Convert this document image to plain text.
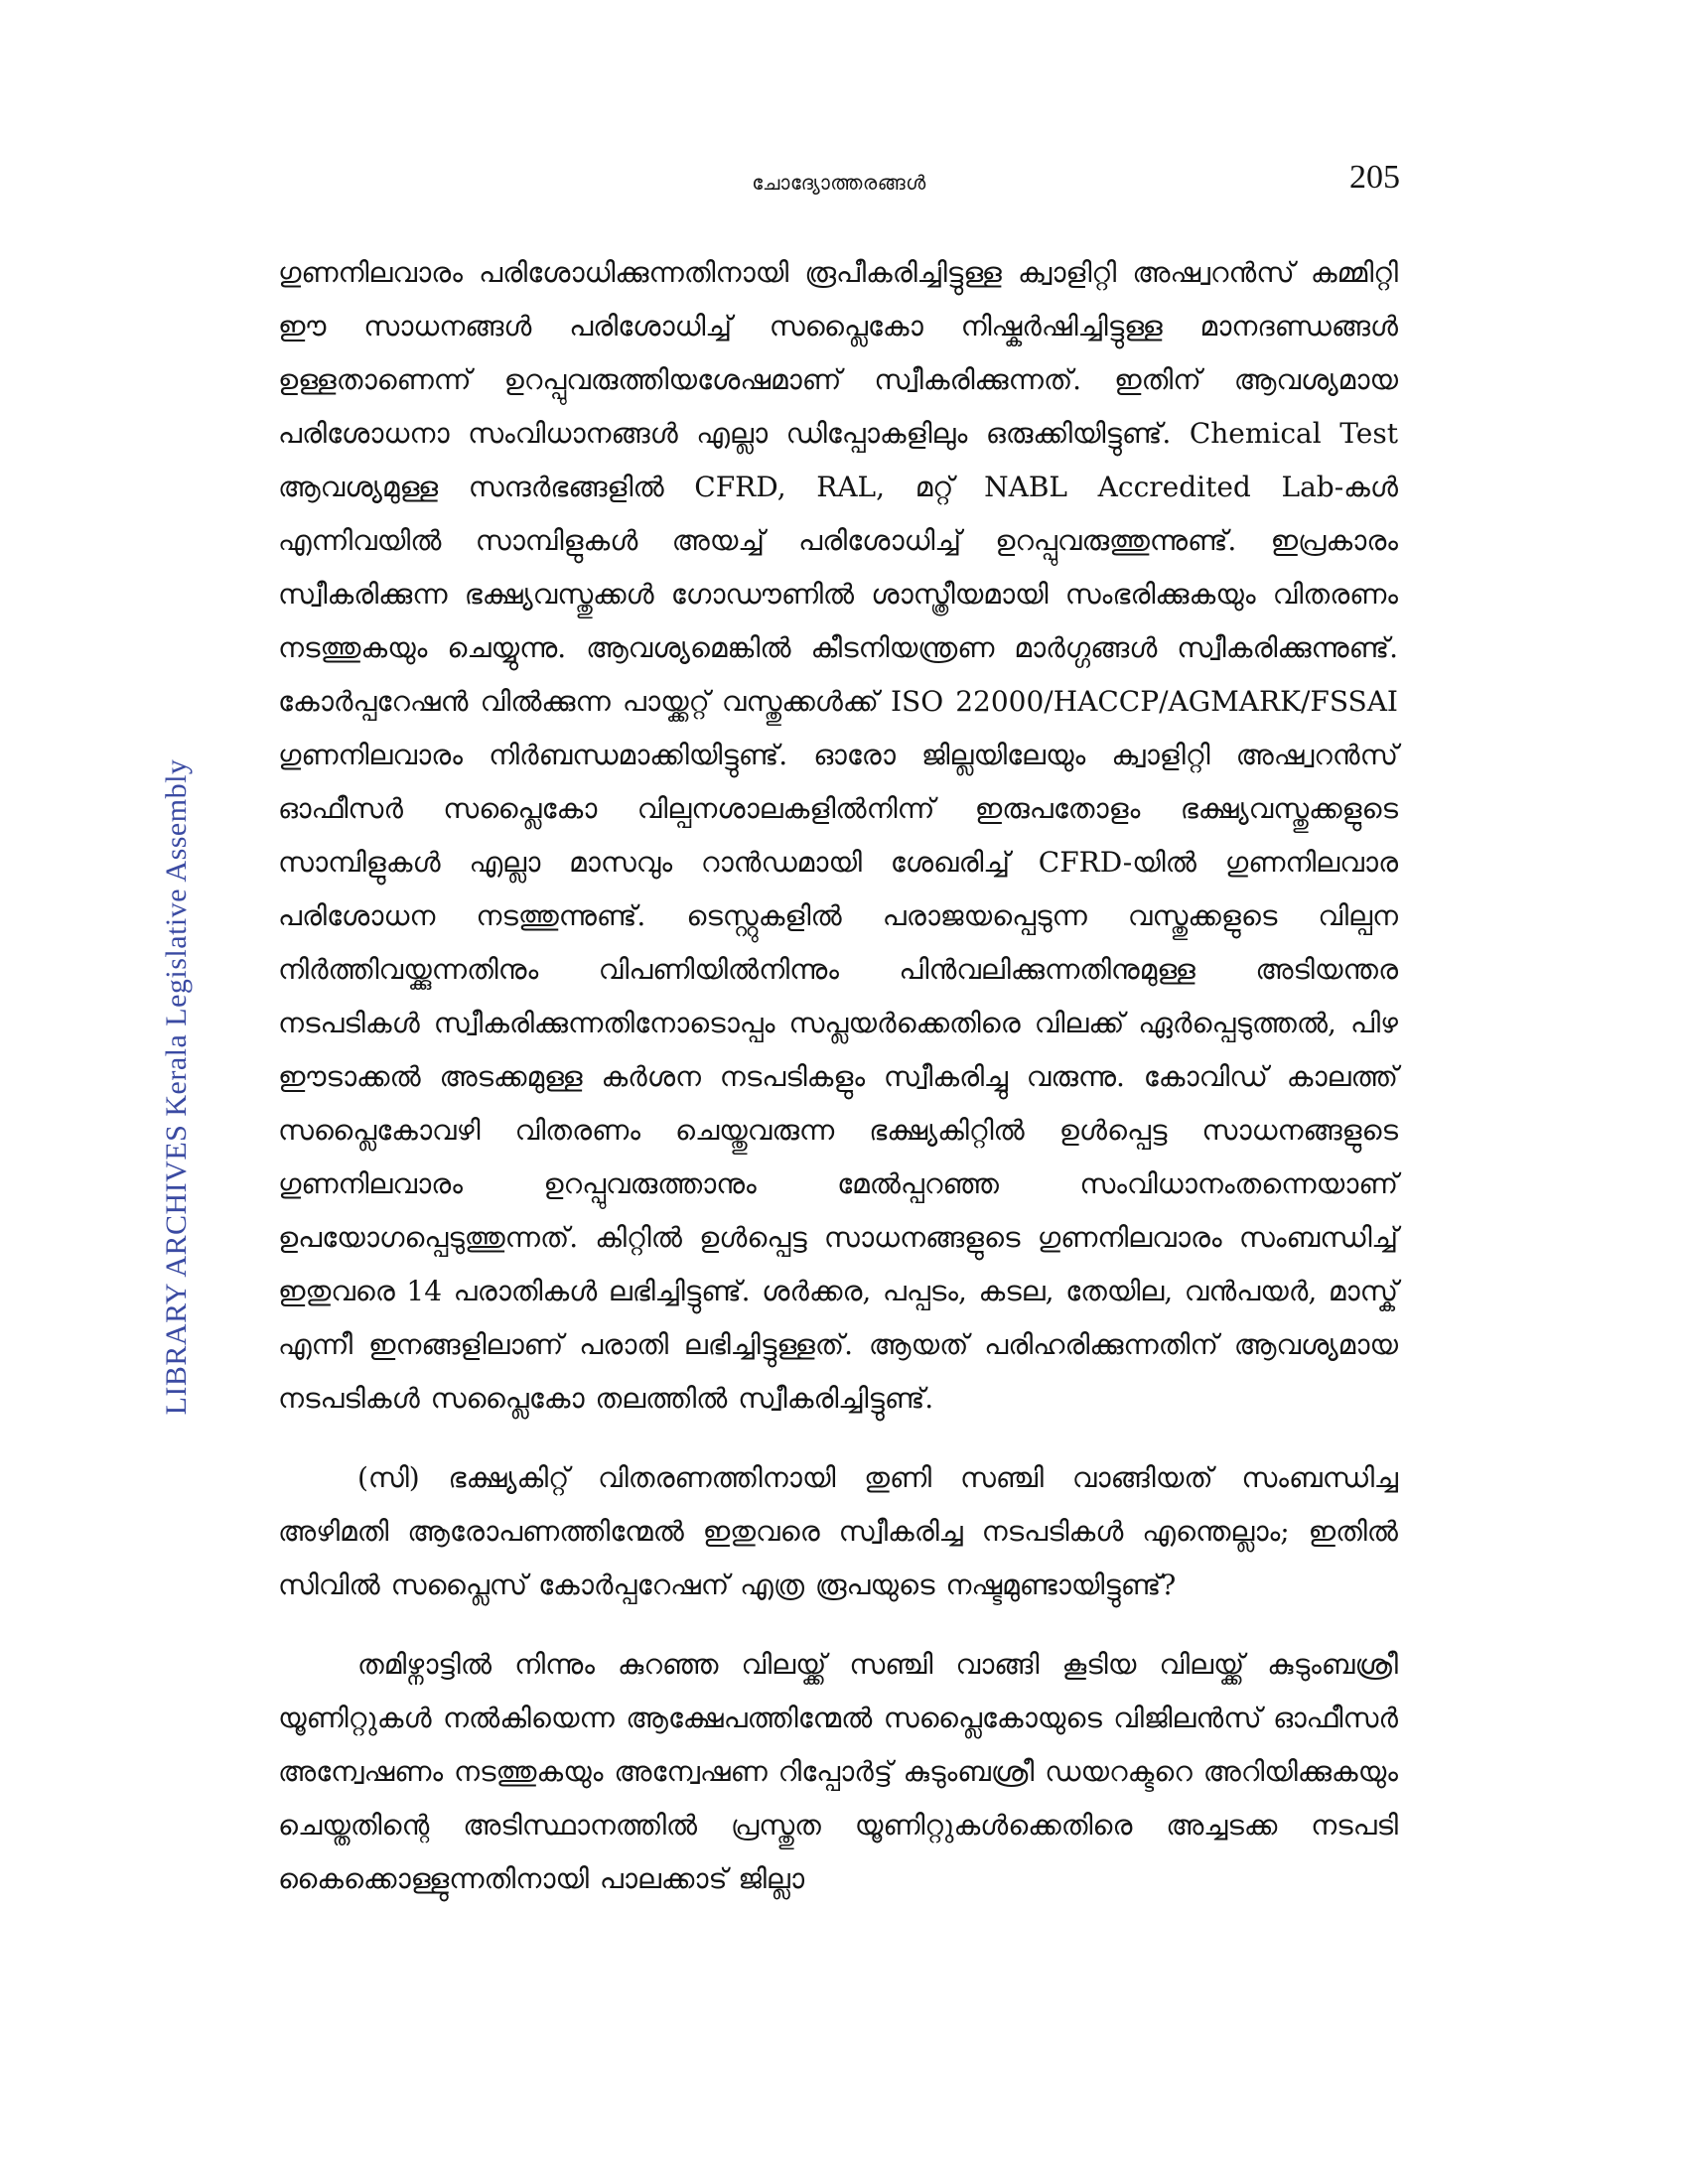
ചോദ്യോത്തരങ്ങൾ	205
LIBRARY ARCHIVES Kerala Legislative Assembly

ഗുണനിലവാരം പരിശോധിക്കുന്നതിനായി രൂപീകരിച്ചിട്ടുള്ള ക്വാളിറ്റി അഷ്വറൻസ് കമ്മിറ്റി ഈ സാധനങ്ങൾ പരിശോധിച്ച് സപ്ലൈകോ നിഷ്കർഷിച്ചിട്ടുള്ള മാനദണ്ഡങ്ങൾ ഉള്ളതാണെന്ന് ഉറപ്പുവരുത്തിയശേഷമാണ് സ്വീകരിക്കുന്നത്. ഇതിന് ആവശ്യമായ പരിശോധനാ സംവിധാനങ്ങൾ എല്ലാ ഡിപ്പോകളിലും ഒരുക്കിയിട്ടുണ്ട്. Chemical Test ആവശ്യമുള്ള സന്ദർഭങ്ങളിൽ CFRD, RAL, മറ്റ് NABL Accredited Lab-കൾ എന്നിവയിൽ സാമ്പിളുകൾ അയച്ച് പരിശോധിച്ച് ഉറപ്പുവരുത്തുന്നുണ്ട്. ഇപ്രകാരം സ്വീകരിക്കുന്ന ഭക്ഷ്യവസ്തുക്കൾ ഗോഡൗണിൽ ശാസ്ത്രീയമായി സംഭരിക്കുകയും വിതരണം നടത്തുകയും ചെയ്യുന്നു. ആവശ്യമെങ്കിൽ കീടനിയന്ത്രണ മാർഗ്ഗങ്ങൾ സ്വീകരിക്കുന്നുണ്ട്. കോർപ്പറേഷൻ വിൽക്കുന്ന പായ്ക്കറ്റ് വസ്തുക്കൾക്ക് ISO 22000/HACCP/AGMARK/FSSAI ഗുണനിലവാരം നിർബന്ധമാക്കിയിട്ടുണ്ട്. ഓരോ ജില്ലയിലേയും ക്വാളിറ്റി അഷ്വറൻസ് ഓഫീസർ സപ്ലൈകോ വില്പനശാലകളിൽനിന്ന് ഇരുപതോളം ഭക്ഷ്യവസ്തുക്കളുടെ സാമ്പിളുകൾ എല്ലാ മാസവും റാൻഡമായി ശേഖരിച്ച് CFRD-യിൽ ഗുണനിലവാര പരിശോധന നടത്തുന്നുണ്ട്. ടെസ്റ്റുകളിൽ പരാജയപ്പെടുന്ന വസ്തുക്കളുടെ വില്പന നിർത്തിവയ്ക്കുന്നതിനും വിപണിയിൽനിന്നും പിൻവലിക്കുന്നതിനുമുള്ള അടിയന്തര നടപടികൾ സ്വീകരിക്കുന്നതിനോടൊപ്പം സപ്ലയർക്കെതിരെ വിലക്ക് ഏർപ്പെടുത്തൽ, പിഴ ഈടാക്കൽ അടക്കമുള്ള കർശന നടപടികളും സ്വീകരിച്ചു വരുന്നു. കോവിഡ് കാലത്ത് സപ്ലൈകോവഴി വിതരണം ചെയ്തുവരുന്ന ഭക്ഷ്യകിറ്റിൽ ഉൾപ്പെട്ട സാധനങ്ങളുടെ ഗുണനിലവാരം ഉറപ്പുവരുത്താനും മേൽപ്പറഞ്ഞ സംവിധാനംതന്നെയാണ് ഉപയോഗപ്പെടുത്തുന്നത്. കിറ്റിൽ ഉൾപ്പെട്ട സാധനങ്ങളുടെ ഗുണനിലവാരം സംബന്ധിച്ച് ഇതുവരെ 14 പരാതികൾ ലഭിച്ചിട്ടുണ്ട്. ശർക്കര, പപ്പടം, കടല, തേയില, വൻപയർ, മാസ്ക് എന്നീ ഇനങ്ങളിലാണ് പരാതി ലഭിച്ചിട്ടുള്ളത്. ആയത് പരിഹരിക്കുന്നതിന് ആവശ്യമായ നടപടികൾ സപ്ലൈകോ തലത്തിൽ സ്വീകരിച്ചിട്ടുണ്ട്.

(സി) ഭക്ഷ്യകിറ്റ് വിതരണത്തിനായി തുണി സഞ്ചി വാങ്ങിയത് സംബന്ധിച്ച അഴിമതി ആരോപണത്തിന്മേൽ ഇതുവരെ സ്വീകരിച്ച നടപടികൾ എന്തെല്ലാം; ഇതിൽ സിവിൽ സപ്ലൈസ് കോർപ്പറേഷന് എത്ര രൂപയുടെ നഷ്ടമുണ്ടായിട്ടുണ്ട്?

തമിഴ്നാട്ടിൽ നിന്നും കുറഞ്ഞ വിലയ്ക്ക് സഞ്ചി വാങ്ങി കൂടിയ വിലയ്ക്ക് കുടുംബശ്രീ യൂണിറ്റുകൾ നൽകിയെന്ന ആക്ഷേപത്തിന്മേൽ സപ്ലൈകോയുടെ വിജിലൻസ് ഓഫീസർ അന്വേഷണം നടത്തുകയും അന്വേഷണ റിപ്പോർട്ട് കുടുംബശ്രീ ഡയറക്ടറെ അറിയിക്കുകയും ചെയ്തതിന്റെ അടിസ്ഥാനത്തിൽ പ്രസ്തുത യൂണിറ്റുകൾക്കെതിരെ അച്ചടക്ക നടപടി കൈക്കൊള്ളുന്നതിനായി പാലക്കാട് ജില്ലാ
